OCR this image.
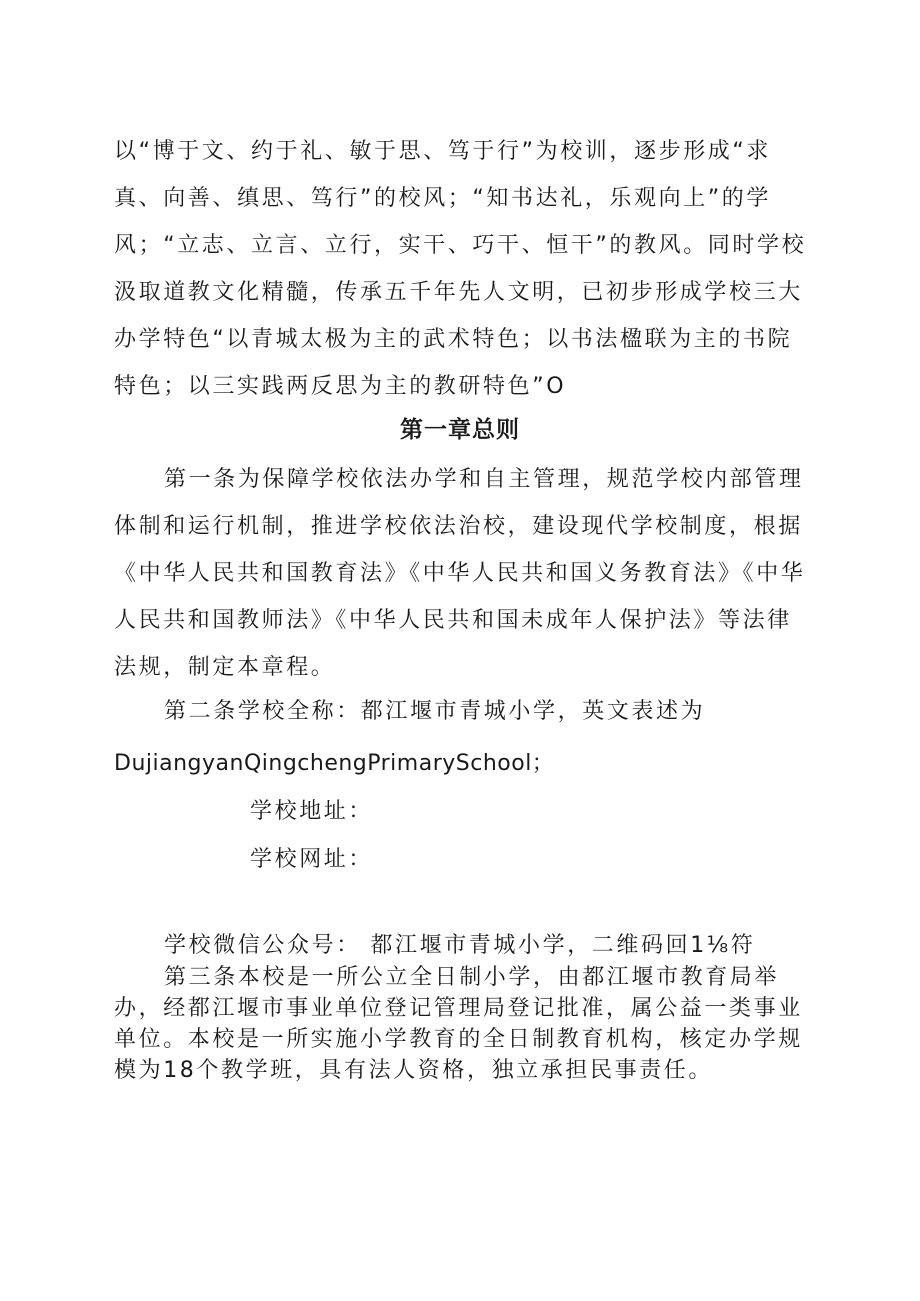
以“博于文、约于礼、敏于思、笃于行”为校训，逐步形成“求真、向善、缜思、笃行”的校风；“知书达礼，乐观向上”的学风；“立志、立言、立行，实干、巧干、恒干”的教风。同时学校汲取道教文化精髓，传承五千年先人文明，已初步形成学校三大办学特色“以青城太极为主的武术特色；以书法楹联为主的书院特色；以三实践两反思为主的教研特色”O

第一章总则

第一条为保障学校依法办学和自主管理，规范学校内部管理体制和运行机制，推进学校依法治校，建设现代学校制度，根据《中华人民共和国教育法》《中华人民共和国义务教育法》《中华人民共和国教师法》《中华人民共和国未成年人保护法》等法律法规，制定本章程。

第二条学校全称：都江堰市青城小学，英文表述为

DujiangyanQingchengPrimarySchool；

学校地址：

学校网址：

学校微信公众号： 都江堰市青城小学，二维码回1⅛符

第三条本校是一所公立全日制小学，由都江堰市教育局举办，经都江堰市事业单位登记管理局登记批准，属公益一类事业单位。本校是一所实施小学教育的全日制教育机构，核定办学规模为18个教学班，具有法人资格，独立承担民事责任。
